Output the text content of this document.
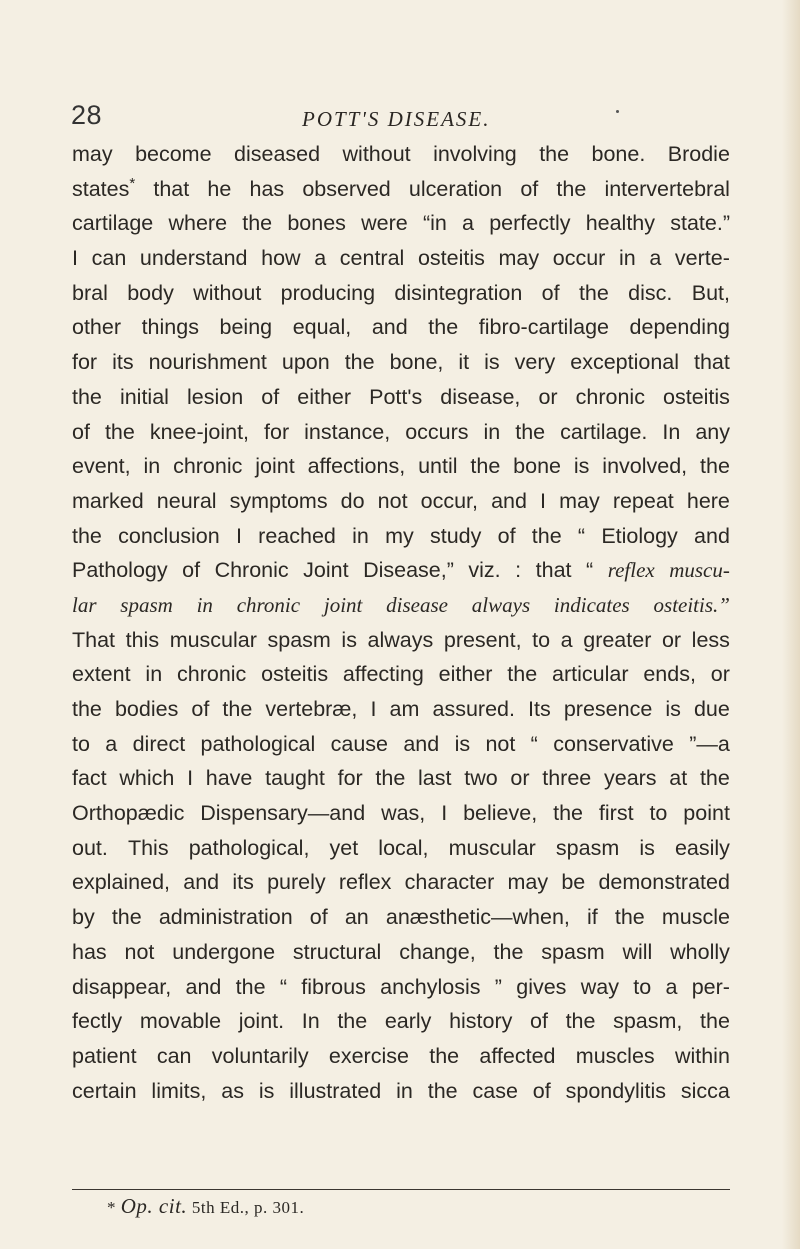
28	POTT'S DISEASE.
may become diseased without involving the bone. Brodie
states* that he has observed ulceration of the intervertebral
cartilage where the bones were “in a perfectly healthy state.”
I can understand how a central osteitis may occur in a verte-
bral body without producing disintegration of the disc. But,
other things being equal, and the fibro-cartilage depending
for its nourishment upon the bone, it is very exceptional that
the initial lesion of either Pott's disease, or chronic osteitis
of the knee-joint, for instance, occurs in the cartilage. In any
event, in chronic joint affections, until the bone is involved, the
marked neural symptoms do not occur, and I may repeat here
the conclusion I reached in my study of the “ Etiology and
Pathology of Chronic Joint Disease,” viz. : that “ reflex muscu-
lar spasm in chronic joint disease always indicates osteitis.”
That this muscular spasm is always present, to a greater or less
extent in chronic osteitis affecting either the articular ends, or
the bodies of the vertebræ, I am assured. Its presence is due
to a direct pathological cause and is not “ conservative ”—a
fact which I have taught for the last two or three years at the
Orthopædic Dispensary—and was, I believe, the first to point
out. This pathological, yet local, muscular spasm is easily
explained, and its purely reflex character may be demonstrated
by the administration of an anæsthetic—when, if the muscle
has not undergone structural change, the spasm will wholly
disappear, and the “ fibrous anchylosis ” gives way to a per-
fectly movable joint. In the early history of the spasm, the
patient can voluntarily exercise the affected muscles within
certain limits, as is illustrated in the case of spondylitis sicca
* Op. cit. 5th Ed., p. 301.
